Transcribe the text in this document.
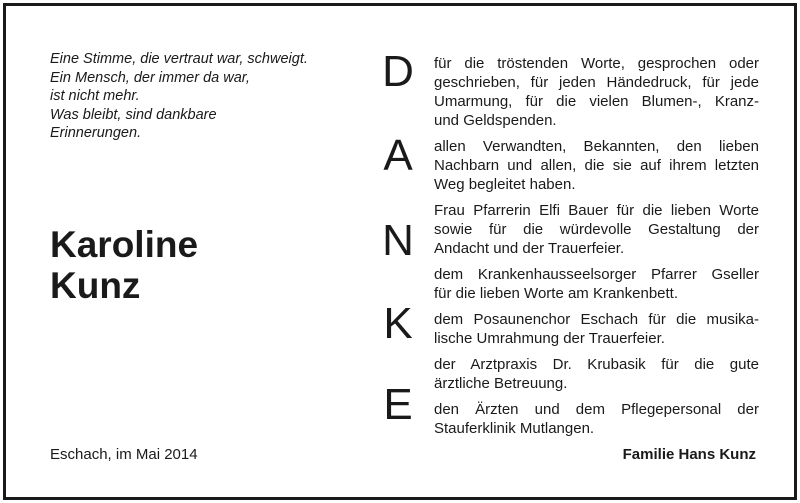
Eine Stimme, die vertraut war, schweigt.
Ein Mensch, der immer da war,
ist nicht mehr.
Was bleibt, sind dankbare
Erinnerungen.
Karoline
Kunz
D
A
N
K
E
für die tröstenden Worte, gesprochen oder
geschrieben, für jeden Händedruck, für jede
Umarmung, für die vielen Blumen-, Kranz-
und Geldspenden.
allen Verwandten, Bekannten, den lieben
Nachbarn und allen, die sie auf ihrem letzten
Weg begleitet haben.
Frau Pfarrerin Elfi Bauer für die lieben Worte
sowie für die würdevolle Gestaltung der
Andacht und der Trauerfeier.
dem Krankenhausseelsorger Pfarrer Gseller
für die lieben Worte am Krankenbett.
dem Posaunenchor Eschach für die musika-
lische Umrahmung der Trauerfeier.
der Arztpraxis Dr. Krubasik für die gute
ärztliche Betreuung.
den Ärzten und dem Pflegepersonal der
Stauferklinik Mutlangen.
Eschach, im Mai 2014	Familie Hans Kunz
